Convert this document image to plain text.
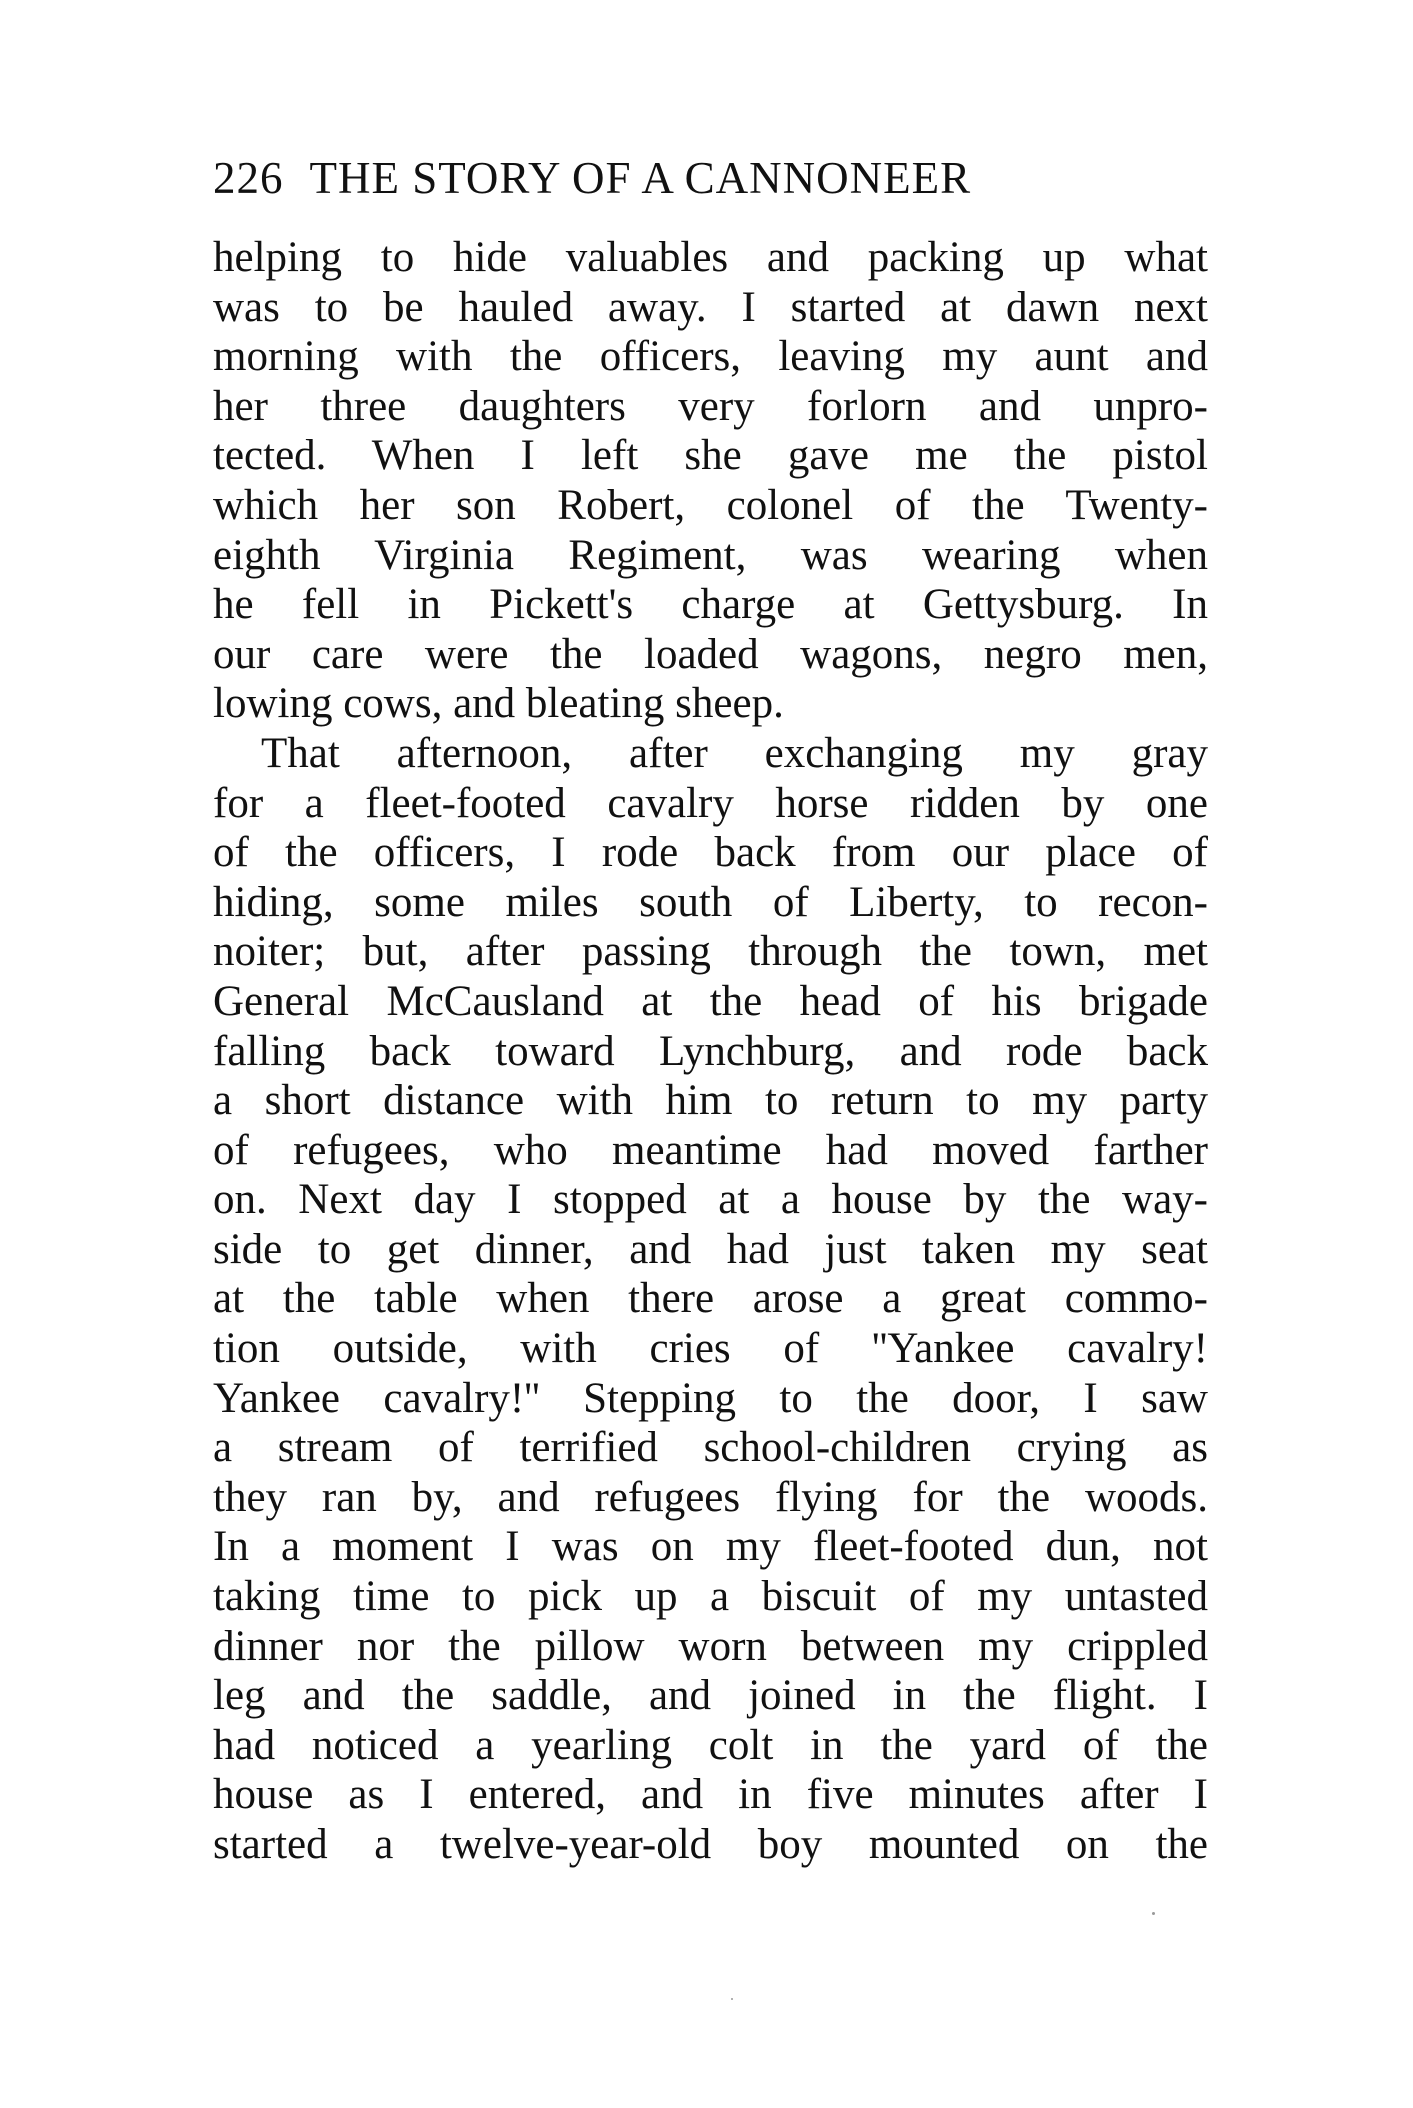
226 THE STORY OF A CANNONEER
helping to hide valuables and packing up what
was to be hauled away. I started at dawn next
morning with the officers, leaving my aunt and
her three daughters very forlorn and unpro-
tected. When I left she gave me the pistol
which her son Robert, colonel of the Twenty-
eighth Virginia Regiment, was wearing when
he fell in Pickett's charge at Gettysburg. In
our care were the loaded wagons, negro men,
lowing cows, and bleating sheep.
That afternoon, after exchanging my gray
for a fleet-footed cavalry horse ridden by one
of the officers, I rode back from our place of
hiding, some miles south of Liberty, to recon-
noiter; but, after passing through the town, met
General McCausland at the head of his brigade
falling back toward Lynchburg, and rode back
a short distance with him to return to my party
of refugees, who meantime had moved farther
on. Next day I stopped at a house by the way-
side to get dinner, and had just taken my seat
at the table when there arose a great commo-
tion outside, with cries of ''Yankee cavalry!
Yankee cavalry!'' Stepping to the door, I saw
a stream of terrified school-children crying as
they ran by, and refugees flying for the woods.
In a moment I was on my fleet-footed dun, not
taking time to pick up a biscuit of my untasted
dinner nor the pillow worn between my crippled
leg and the saddle, and joined in the flight. I
had noticed a yearling colt in the yard of the
house as I entered, and in five minutes after I
started a twelve-year-old boy mounted on the
